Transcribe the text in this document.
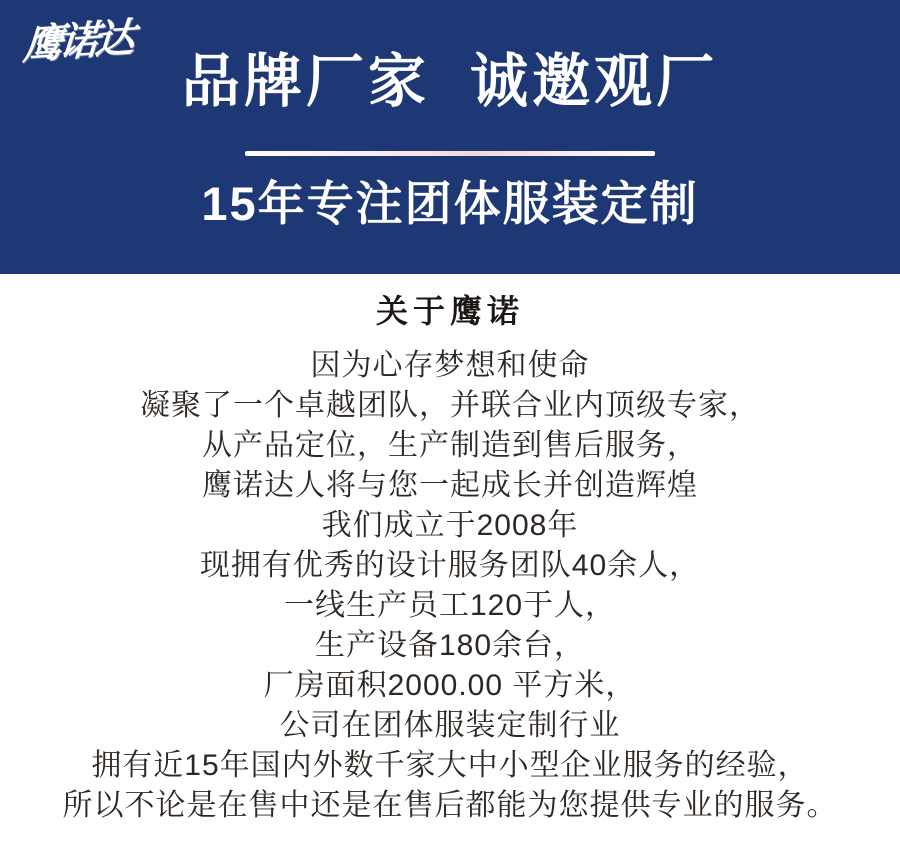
鹰诺达
品牌厂家  诚邀观厂
15年专注团体服装定制
关于鹰诺
因为心存梦想和使命
凝聚了一个卓越团队，并联合业内顶级专家，
从产品定位，生产制造到售后服务，
鹰诺达人将与您一起成长并创造辉煌
我们成立于2008年
现拥有优秀的设计服务团队40余人，
一线生产员工120于人，
生产设备180余台，
厂房面积2000.00 平方米，
公司在团体服装定制行业
拥有近15年国内外数千家大中小型企业服务的经验，
所以不论是在售中还是在售后都能为您提供专业的服务。
